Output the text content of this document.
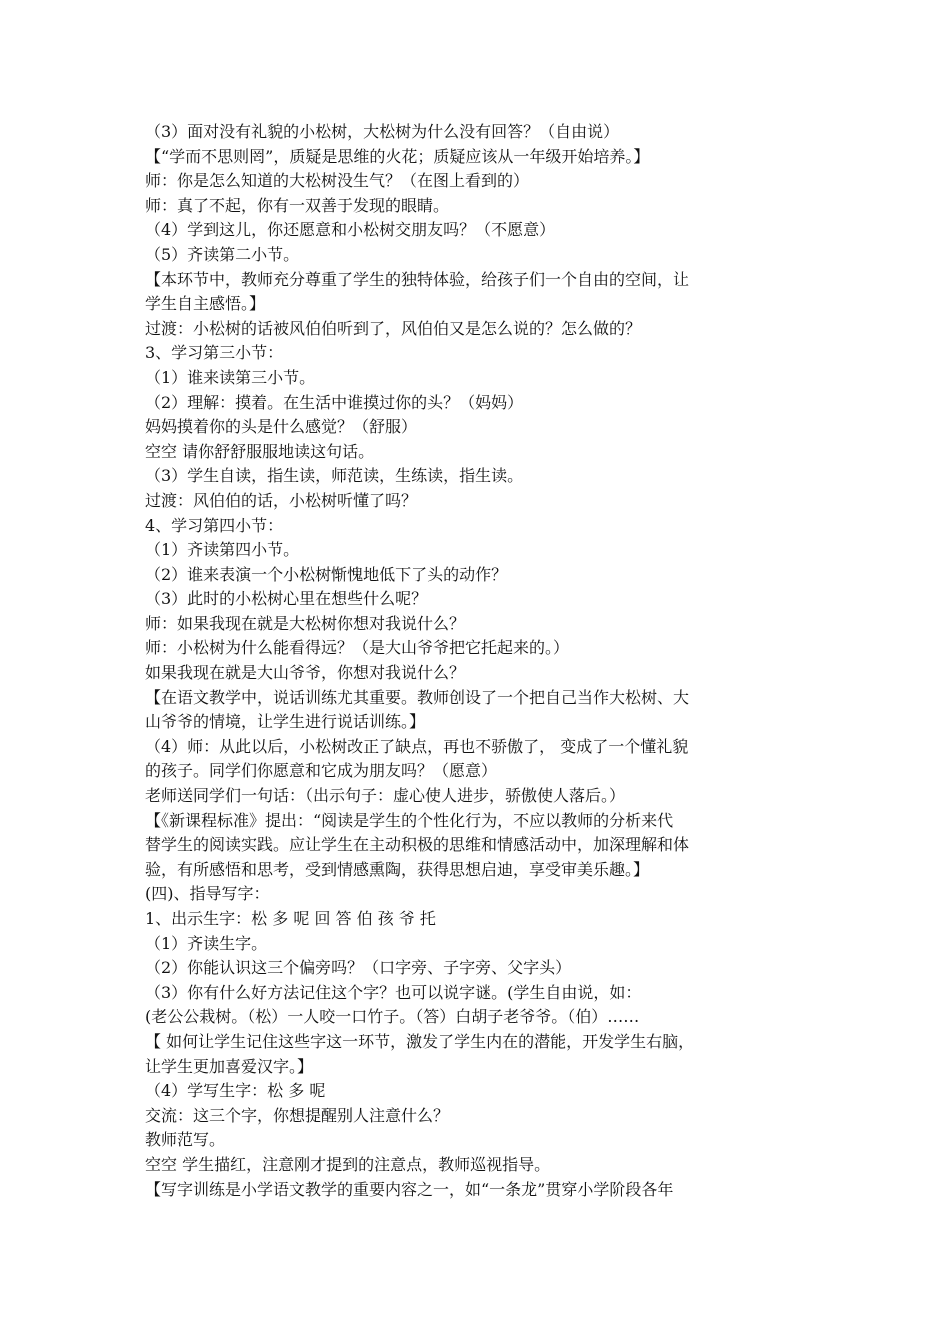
（3）面对没有礼貌的小松树，大松树为什么没有回答？（自由说）
【“学而不思则罔”，质疑是思维的火花；质疑应该从一年级开始培养。】
师：你是怎么知道的大松树没生气？（在图上看到的）
师：真了不起，你有一双善于发现的眼睛。
（4）学到这儿，你还愿意和小松树交朋友吗？（不愿意）
（5）齐读第二小节。
【本环节中，教师充分尊重了学生的独特体验，给孩子们一个自由的空间，让
学生自主感悟。】
过渡：小松树的话被风伯伯听到了，风伯伯又是怎么说的？怎么做的？
3、学习第三小节：
（1）谁来读第三小节。
（2）理解：摸着。在生活中谁摸过你的头？（妈妈）
妈妈摸着你的头是什么感觉？（舒服）
空空 请你舒舒服服地读这句话。
（3）学生自读，指生读，师范读，生练读，指生读。
过渡：风伯伯的话，小松树听懂了吗？
4、学习第四小节：
（1）齐读第四小节。
（2）谁来表演一个小松树惭愧地低下了头的动作？
（3）此时的小松树心里在想些什么呢？
师：如果我现在就是大松树你想对我说什么？
师：小松树为什么能看得远？（是大山爷爷把它托起来的。）
如果我现在就是大山爷爷，你想对我说什么？
【在语文教学中，说话训练尤其重要。教师创设了一个把自己当作大松树、大
山爷爷的情境，让学生进行说话训练。】
（4）师：从此以后，小松树改正了缺点，再也不骄傲了， 变成了一个懂礼貌
的孩子。同学们你愿意和它成为朋友吗？（愿意）
老师送同学们一句话：（出示句子：虚心使人进步，骄傲使人落后。）
【《新课程标准》提出：“阅读是学生的个性化行为，不应以教师的分析来代
替学生的阅读实践。应让学生在主动积极的思维和情感活动中，加深理解和体
验，有所感悟和思考，受到情感熏陶，获得思想启迪，享受审美乐趣。】
(四)、指导写字：
1、出示生字：松 多 呢 回 答 伯 孩 爷 托
（1）齐读生字。
（2）你能认识这三个偏旁吗？（口字旁、子字旁、父字头）
（3）你有什么好方法记住这个字？也可以说字谜。(学生自由说，如：
(老公公栽树。（松）一人咬一口竹子。（答）白胡子老爷爷。（伯）……
【 如何让学生记住这些字这一环节，激发了学生内在的潜能，开发学生右脑，
让学生更加喜爱汉字。】
（4）学写生字：松 多 呢
交流：这三个字，你想提醒别人注意什么？
教师范写。
空空 学生描红，注意刚才提到的注意点，教师巡视指导。
【写字训练是小学语文教学的重要内容之一，如“一条龙”贯穿小学阶段各年
